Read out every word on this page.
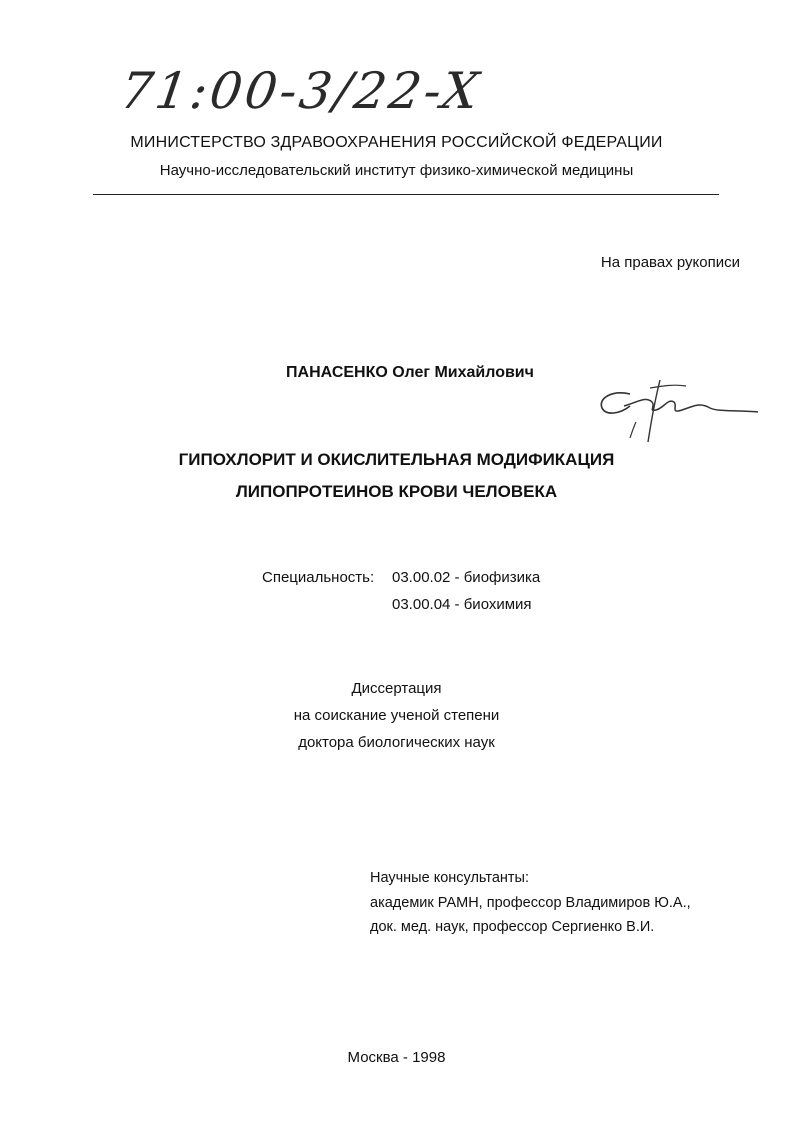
71:00-3/22-X
МИНИСТЕРСТВО ЗДРАВООХРАНЕНИЯ РОССИЙСКОЙ ФЕДЕРАЦИИ
Научно-исследовательский институт физико-химической медицины
На правах рукописи
ПАНАСЕНКО Олег Михайлович
ГИПОХЛОРИТ И ОКИСЛИТЕЛЬНАЯ МОДИФИКАЦИЯ
ЛИПОПРОТЕИНОВ КРОВИ ЧЕЛОВЕКА
Специальность: 03.00.02 - биофизика
03.00.04 - биохимия
Диссертация
на соискание ученой степени
доктора биологических наук
Научные консультанты:
академик РАМН, профессор Владимиров Ю.А.,
док. мед. наук, профессор Сергиенко В.И.
Москва - 1998
